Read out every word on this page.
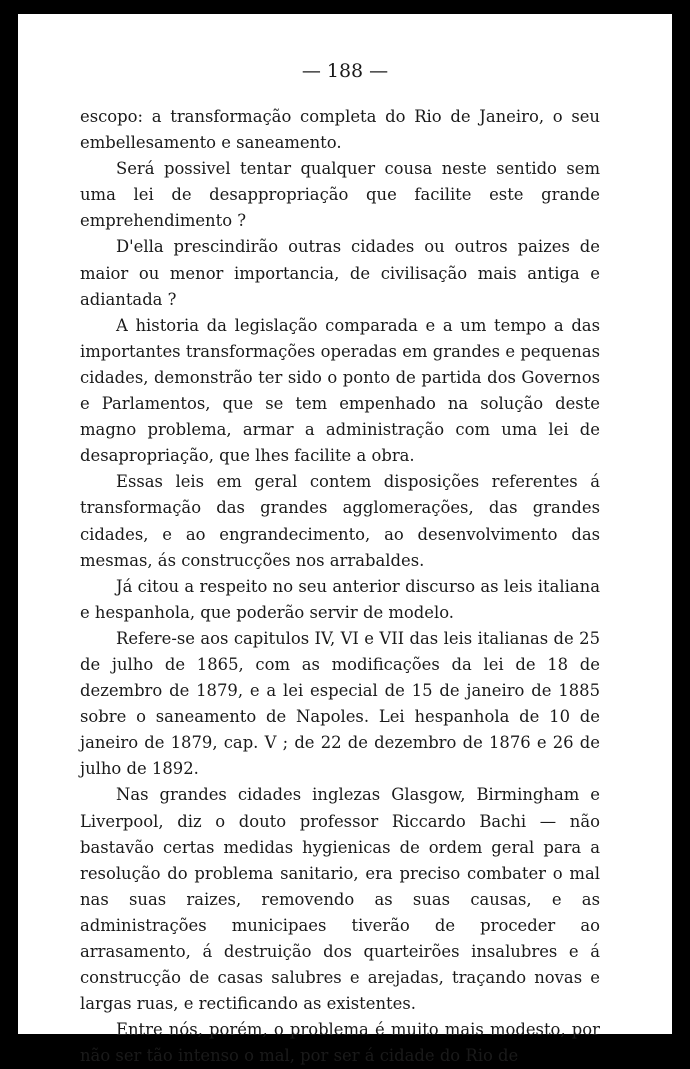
— 188 —

escopo: a transformação completa do Rio de Janeiro, o seu embellesamento e saneamento.

Será possivel tentar qualquer cousa neste sentido sem uma lei de desappropriação que facilite este grande emprehendimento ?

D'ella prescindirão outras cidades ou outros paizes de maior ou menor importancia, de civilisação mais antiga e adiantada ?

A historia da legislação comparada e a um tempo a das importantes transformações operadas em grandes e pequenas cidades, demonstrão ter sido o ponto de partida dos Governos e Parlamentos, que se tem empenhado na solução deste magno problema, armar a administração com uma lei de desapropriação, que lhes facilite a obra.

Essas leis em geral contem disposições referentes á transformação das grandes agglomerações, das grandes cidades, e ao engrandecimento, ao desenvolvimento das mesmas, ás construcções nos arrabaldes.

Já citou a respeito no seu anterior discurso as leis italiana e hespanhola, que poderão servir de modelo.

Refere-se aos capitulos IV, VI e VII das leis italianas de 25 de julho de 1865, com as modificações da lei de 18 de dezembro de 1879, e a lei especial de 15 de janeiro de 1885 sobre o saneamento de Napoles. Lei hespanhola de 10 de janeiro de 1879, cap. V ; de 22 de dezembro de 1876 e 26 de julho de 1892.

Nas grandes cidades inglezas Glasgow, Birmingham e Liverpool, diz o douto professor Riccardo Bachi — não bastavão certas medidas hygienicas de ordem geral para a resolução do problema sanitario, era preciso combater o mal nas suas raizes, removendo as suas causas, e as administrações municipaes tiverão de proceder ao arrasamento, á destruição dos quarteirões insalubres e á construcção de casas salubres e arejadas, traçando novas e largas ruas, e rectificando as existentes.

Entre nós, porém, o problema é muito mais modesto, por não ser tão intenso o mal, por ser á cidade do Rio de
